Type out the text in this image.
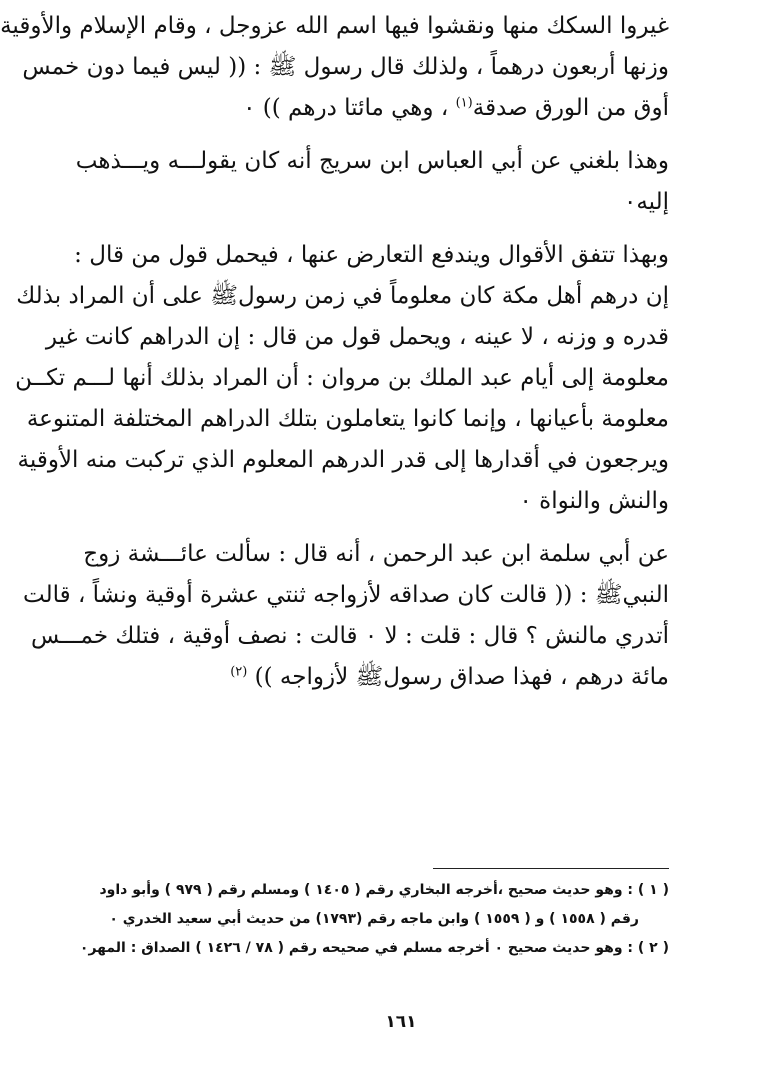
غيروا السكك منها ونقشوا فيها اسم الله عزوجل ، وقام الإسلام والأوقية
وزنها أربعون درهماً ، ولذلك قال رسول ﷺ : (( ليس فيما دون خمس
أوق من الورق صدقة$^{(١)}$ ، وهي مائتا درهم )) ٠

وهذا بلغني عن أبي العباس ابن سريج أنه كان يقولـــه ويـــذهب
إليه٠

وبهذا تتفق الأقوال ويندفع التعارض عنها ، فيحمل قول من قال :
إن درهم أهل مكة كان معلوماً في زمن رسولﷺ على أن المراد بذلك
قدره و وزنه ، لا عينه ، ويحمل قول من قال : إن الدراهم كانت غير
معلومة إلى أيام عبد الملك بن مروان : أن المراد بذلك أنها لـــم تكــن
معلومة بأعيانها ، وإنما كانوا يتعاملون بتلك الدراهم المختلفة المتنوعة
ويرجعون في أقدارها إلى قدر الدرهم المعلوم الذي تركبت منه الأوقية
والنش والنواة ٠

عن أبي سلمة ابن عبد الرحمن ، أنه قال : سألت عائـــشة زوج
النبيﷺ : (( قالت كان صداقه لأزواجه ثنتي عشرة أوقية ونشاً ، قالت
أتدري مالنش ؟ قال : قلت : لا ٠ قالت : نصف أوقية ، فتلك خمـــس
مائة درهم ، فهذا صداق رسولﷺ لأزواجه )) $^{(٢)}$

( ١ ) : وهو حديث صحيح ،أخرجه البخاري رقم ( ١٤٠٥ ) ومسلم رقم ( ٩٧٩ ) وأبو داود
رقم ( ١٥٥٨ ) و ( ١٥٥٩ ) وابن ماجه رقم (١٧٩٣) من حديث أبي سعيد الخدري ٠
( ٢ ) : وهو حديث صحيح ٠ أخرجه مسلم في صحيحه رقم ( ٧٨ / ١٤٢٦ ) الصداق : المهر٠
١٦١
